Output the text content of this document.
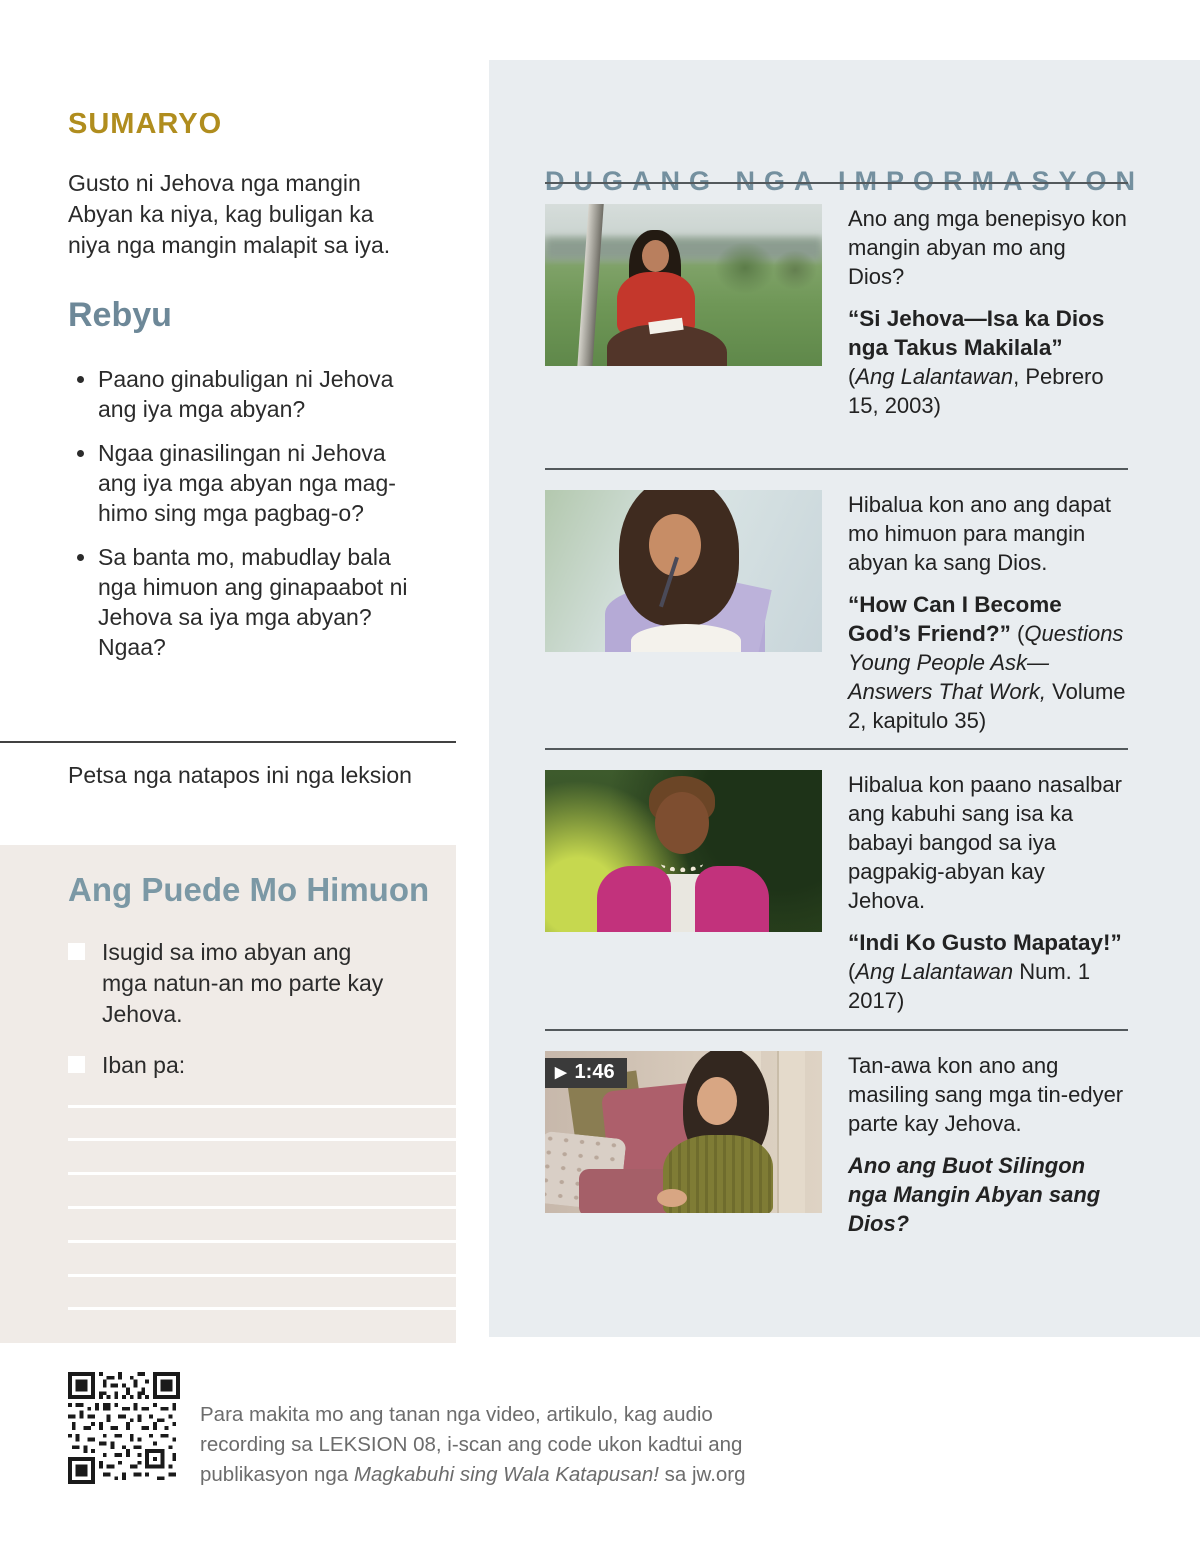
SUMARYO

Gusto ni Jehova nga mangin Abyan ka niya, kag buligan ka niya nga mangin malapit sa iya.

Rebyu
• Paano ginabuligan ni Jehova ang iya mga abyan?
• Ngaa ginasilingan ni Jehova ang iya mga abyan nga mag-himo sing mga pagbag-o?
• Sa banta mo, mabudlay bala nga himuon ang ginapaabot ni Jehova sa iya mga abyan? Ngaa?

Petsa nga natapos ini nga leksion

Ang Puede Mo Himuon
Isugid sa imo abyan ang mga natun-an mo parte kay Jehova.
Iban pa:
DUGANG NGA IMPORMASYON

Ano ang mga benepisyo kon mangin abyan mo ang Dios?

“Si Jehova—Isa ka Dios nga Takus Makilala”
(Ang Lalantawan, Pebrero 15, 2003)

Hibalua kon ano ang dapat mo himuon para mangin abyan ka sang Dios.

“How Can I Become God’s Friend?” (Questions Young People Ask—Answers That Work, Volume 2, kapitulo 35)

Hibalua kon paano nasalbar ang kabuhi sang isa ka babayi bangod sa iya pagpakig-abyan kay Jehova.

“Indi Ko Gusto Mapatay!”
(Ang Lalantawan Num. 1 2017)

▶ 1:46	Tan-awa kon ano ang masiling sang mga tin-edyer parte kay Jehova.

Ano ang Buot Silingon nga Mangin Abyan sang Dios?

Para makita mo ang tanan nga video, artikulo, kag audio
recording sa LEKSION 08, i-scan ang code ukon kadtui ang
publikasyon nga Magkabuhi sing Wala Katapusan! sa jw.org
